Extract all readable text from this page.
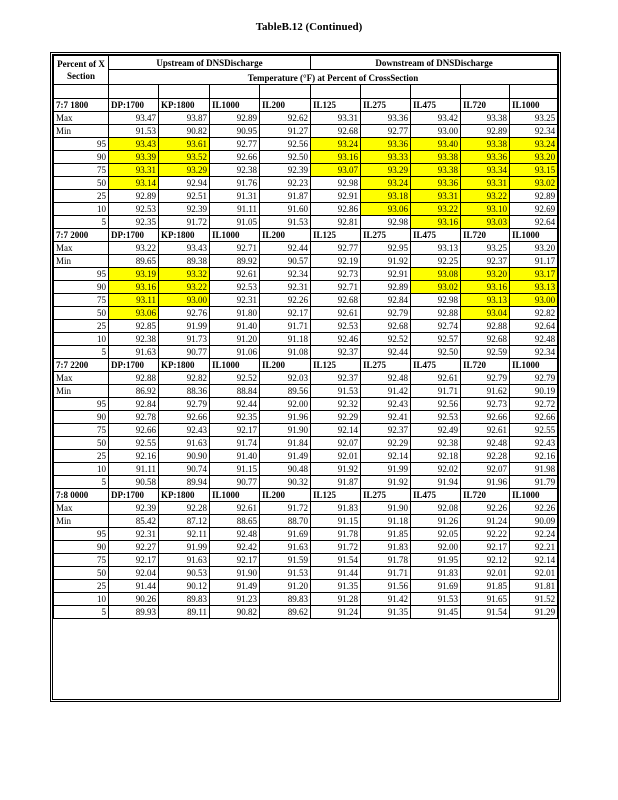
TableB.12 (Continued)
Percent of X Section	Upstream of DNSDischarge				Downstream of DNSDischarge				
	Temperature (°F) at Percent of CrossSection								

7:7 1800	DP:1700	KP:1800	IL1000	IL200	IL125	IL275	IL475	IL720	IL1000
Max	93.47	93.87	92.89	92.62	93.31	93.36	93.42	93.38	93.25
Min	91.53	90.82	90.95	91.27	92.68	92.77	93.00	92.89	92.34
95	93.43	93.61	92.77	92.56	93.24	93.36	93.40	93.38	93.24
90	93.39	93.52	92.66	92.50	93.16	93.33	93.38	93.36	93.20
75	93.31	93.29	92.38	92.39	93.07	93.29	93.38	93.34	93.15
50	93.14	92.94	91.76	92.23	92.98	93.24	93.36	93.31	93.02
25	92.89	92.51	91.31	91.87	92.91	93.18	93.31	93.22	92.89
10	92.53	92.39	91.11	91.60	92.86	93.06	93.22	93.10	92.69
5	92.35	91.72	91.05	91.53	92.81	92.98	93.16	93.03	92.64
7:7 2000	DP:1700	KP:1800	IL1000	IL200	IL125	IL275	IL475	IL720	IL1000
Max	93.22	93.43	92.71	92.44	92.77	92.95	93.13	93.25	93.20
Min	89.65	89.38	89.92	90.57	92.19	91.92	92.25	92.37	91.17
95	93.19	93.32	92.61	92.34	92.73	92.91	93.08	93.20	93.17
90	93.16	93.22	92.53	92.31	92.71	92.89	93.02	93.16	93.13
75	93.11	93.00	92.31	92.26	92.68	92.84	92.98	93.13	93.00
50	93.06	92.76	91.80	92.17	92.61	92.79	92.88	93.04	92.82
25	92.85	91.99	91.40	91.71	92.53	92.68	92.74	92.88	92.64
10	92.38	91.73	91.20	91.18	92.46	92.52	92.57	92.68	92.48
5	91.63	90.77	91.06	91.08	92.37	92.44	92.50	92.59	92.34
7:7 2200	DP:1700	KP:1800	IL1000	IL200	IL125	IL275	IL475	IL720	IL1000
Max	92.88	92.82	92.52	92.03	92.37	92.48	92.61	92.79	92.79
Min	86.92	88.36	88.84	89.56	91.53	91.42	91.71	91.62	90.19
95	92.84	92.79	92.44	92.00	92.32	92.43	92.56	92.73	92.72
90	92.78	92.66	92.35	91.96	92.29	92.41	92.53	92.66	92.66
75	92.66	92.43	92.17	91.90	92.14	92.37	92.49	92.61	92.55
50	92.55	91.63	91.74	91.84	92.07	92.29	92.38	92.48	92.43
25	92.16	90.90	91.40	91.49	92.01	92.14	92.18	92.28	92.16
10	91.11	90.74	91.15	90.48	91.92	91.99	92.02	92.07	91.98
5	90.58	89.94	90.77	90.32	91.87	91.92	91.94	91.96	91.79
7:8 0000	DP:1700	KP:1800	IL1000	IL200	IL125	IL275	IL475	IL720	IL1000
Max	92.39	92.28	92.61	91.72	91.83	91.90	92.08	92.26	92.26
Min	85.42	87.12	88.65	88.70	91.15	91.18	91.26	91.24	90.09
95	92.31	92.11	92.48	91.69	91.78	91.85	92.05	92.22	92.24
90	92.27	91.99	92.42	91.63	91.72	91.83	92.00	92.17	92.21
75	92.17	91.63	92.17	91.59	91.54	91.78	91.95	92.12	92.14
50	92.04	90.53	91.90	91.53	91.44	91.71	91.83	92.01	92.01
25	91.44	90.12	91.49	91.20	91.35	91.56	91.69	91.85	91.81
10	90.26	89.83	91.23	89.83	91.28	91.42	91.53	91.65	91.52
5	89.93	89.11	90.82	89.62	91.24	91.35	91.45	91.54	91.29
